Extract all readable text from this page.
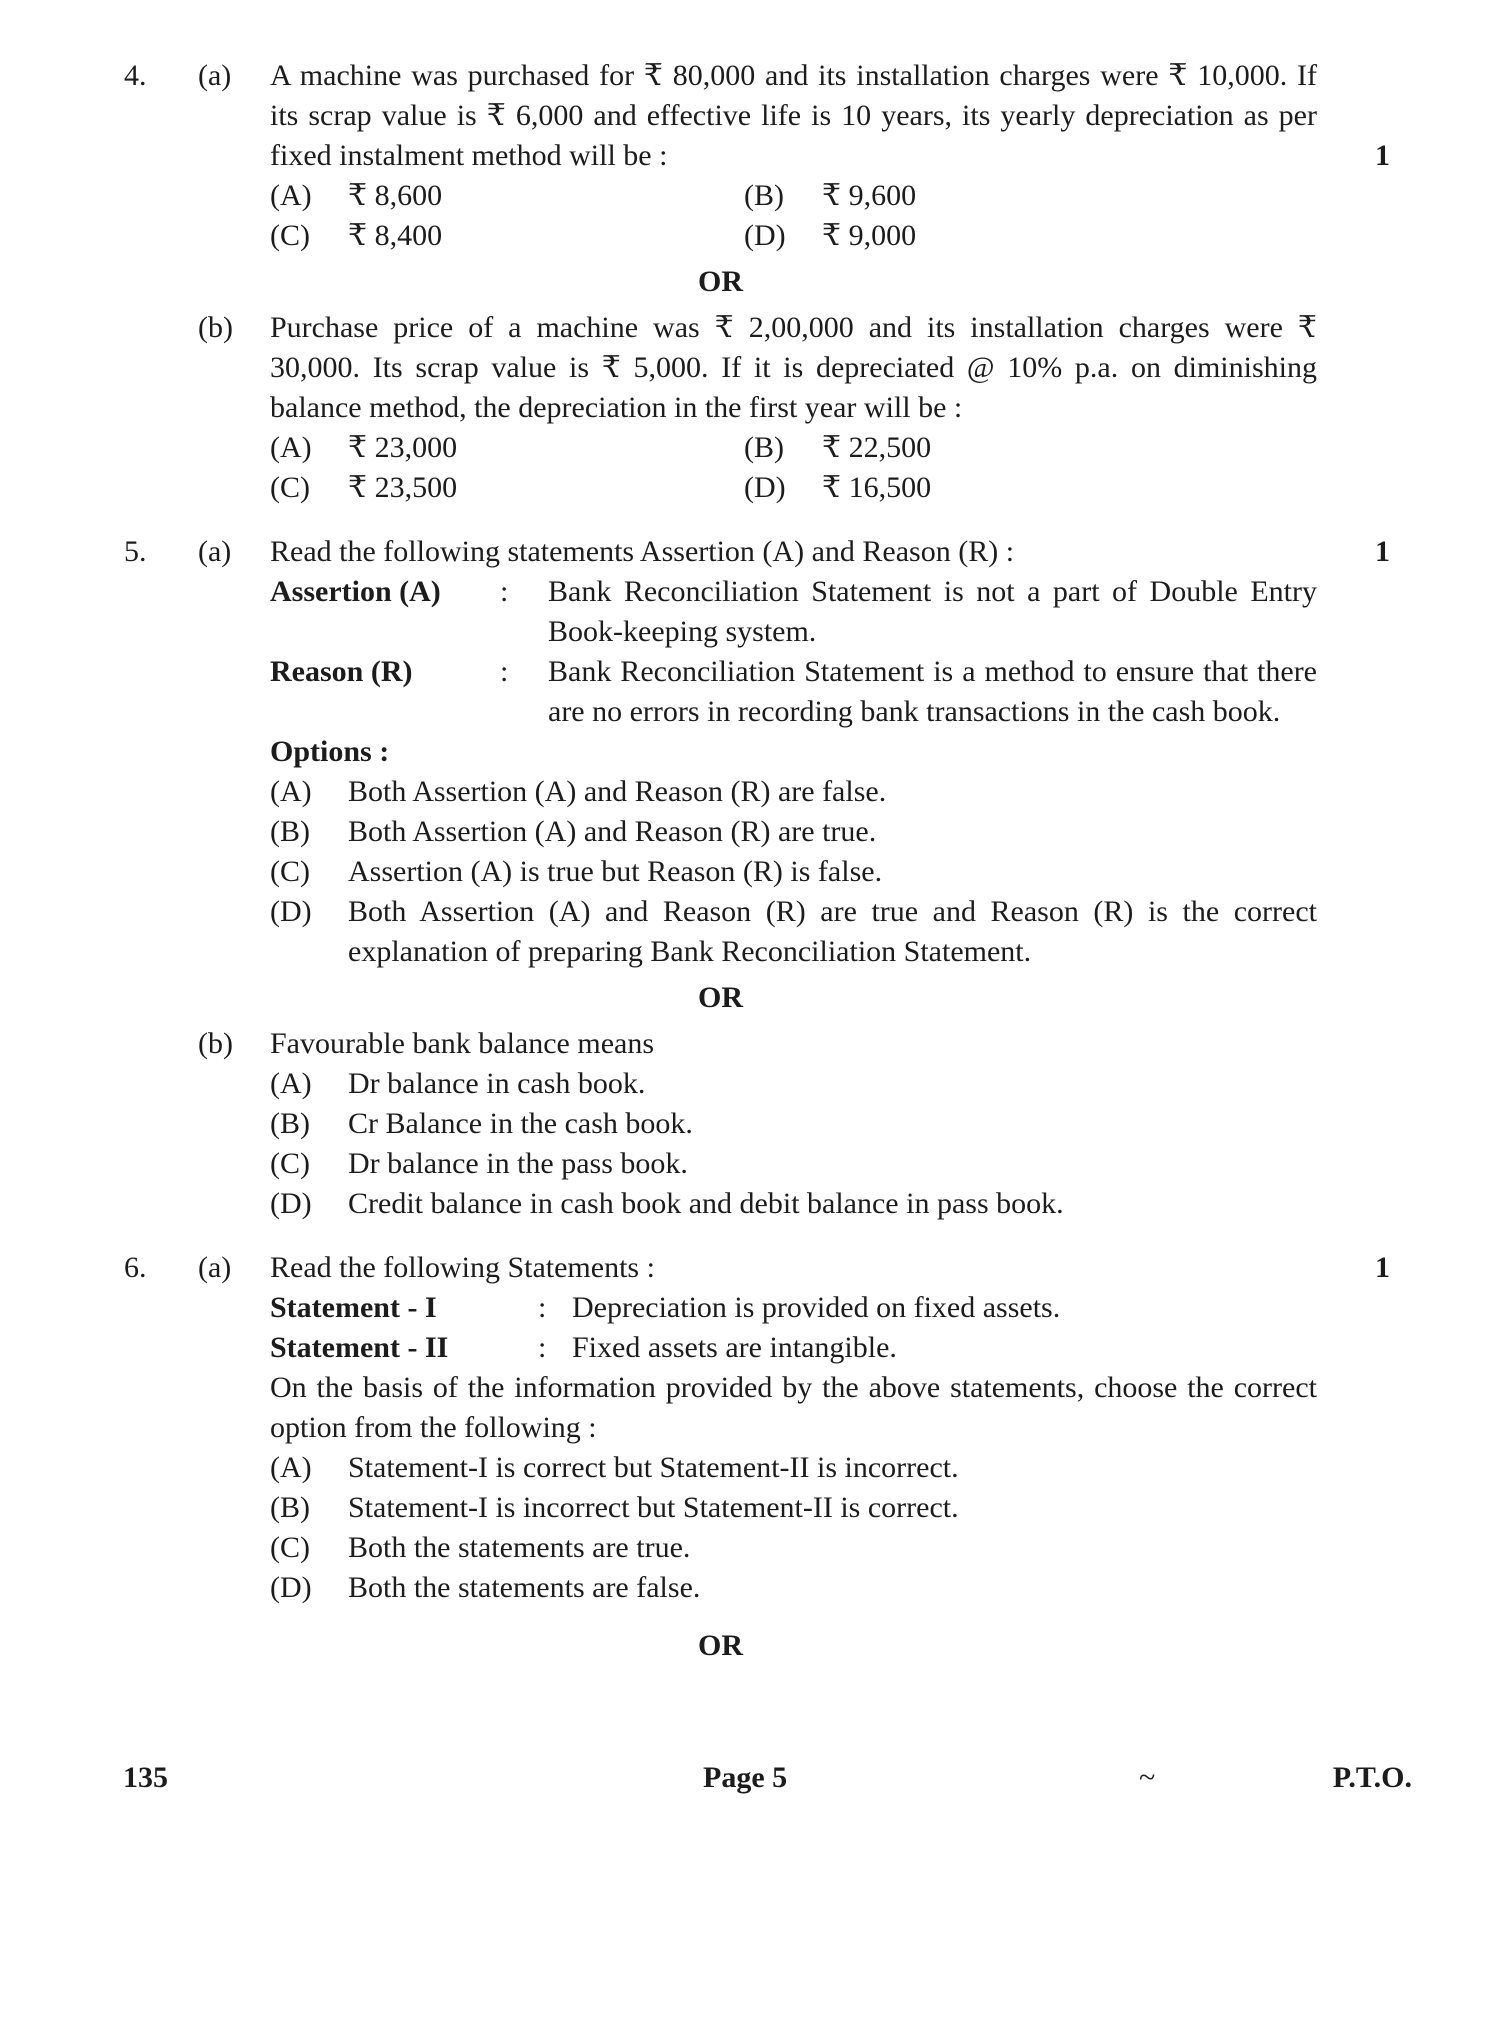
4.	(a)	A machine was purchased for ₹ 80,000 and its installation charges were ₹ 10,000. If its scrap value is ₹ 6,000 and effective life is 10 years, its yearly depreciation as per fixed instalment method will be :

(A)	₹ 8,600	(B)	₹ 9,600
(C)	₹ 8,400	(D)	₹ 9,000
1
OR
(b)	Purchase price of a machine was ₹ 2,00,000 and its installation charges were ₹ 30,000. Its scrap value is ₹ 5,000. If it is depreciated @ 10% p.a. on diminishing balance method, the depreciation in the first year will be :

(A)	₹ 23,000	(B)	₹ 22,500
(C)	₹ 23,500	(D)	₹ 16,500
5.	(a)	Read the following statements Assertion (A) and Reason (R) :

Assertion (A)	:	Bank Reconciliation Statement is not a part of Double Entry Book-keeping system.
Reason (R)	:	Bank Reconciliation Statement is a method to ensure that there are no errors in recording bank transactions in the cash book.

Options :

(A)	Both Assertion (A) and Reason (R) are false.
(B)	Both Assertion (A) and Reason (R) are true.
(C)	Assertion (A) is true but Reason (R) is false.
(D)	Both Assertion (A) and Reason (R) are true and Reason (R) is the correct explanation of preparing Bank Reconciliation Statement.
1
OR
(b)	Favourable bank balance means

(A)	Dr balance in cash book.
(B)	Cr Balance in the cash book.
(C)	Dr balance in the pass book.
(D)	Credit balance in cash book and debit balance in pass book.
6.	(a)	Read the following Statements :

Statement - I	: Depreciation is provided on fixed assets.
Statement - II	: Fixed assets are intangible.

On the basis of the information provided by the above statements, choose the correct option from the following :

(A)	Statement-I is correct but Statement-II is incorrect.
(B)	Statement-I is incorrect but Statement-II is correct.
(C)	Both the statements are true.
(D)	Both the statements are false.
1
OR
135	Page 5	~	P.T.O.
